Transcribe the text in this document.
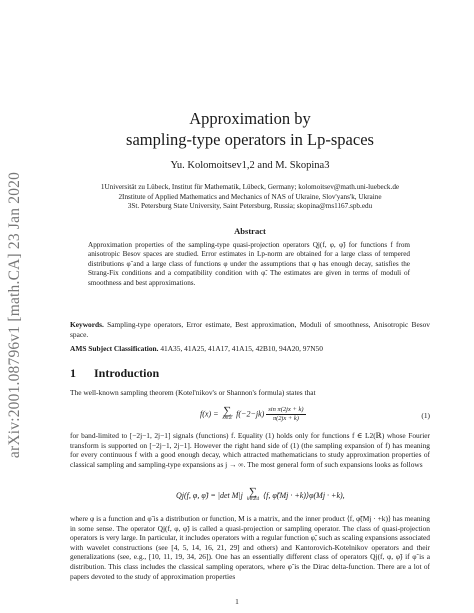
arXiv:2001.08796v1 [math.CA] 23 Jan 2020
Approximation by
sampling-type operators in Lp-spaces
Yu. Kolomoitsev1,2 and M. Skopina3
1Universität zu Lübeck, Institut für Mathematik, Lübeck, Germany; kolomoitsev@math.uni-luebeck.de
2Institute of Applied Mathematics and Mechanics of NAS of Ukraine, Slov'yans'k, Ukraine
3St. Petersburg State University, Saint Petersburg, Russia; skopina@ms1167.spb.edu
Abstract
Approximation properties of the sampling-type quasi-projection operators Qj(f, φ, φ̃) for functions f from anisotropic Besov spaces are studied. Error estimates in Lp-norm are obtained for a large class of tempered distributions φ̃ and a large class of functions φ under the assumptions that φ has enough decay, satisfies the Strang-Fix conditions and a compatibility condition with φ̃. The estimates are given in terms of moduli of smoothness and best approximations.
Keywords. Sampling-type operators, Error estimate, Best approximation, Moduli of smoothness, Anisotropic Besov space.
AMS Subject Classification. 41A35, 41A25, 41A17, 41A15, 42B10, 94A20, 97N50
1 Introduction
The well-known sampling theorem (Kotel'nikov's or Shannon's formula) states that
f(x) = ∑
k∈ℤ $f(-2-jk) \frac{\text{sin π(2jx + k)}}{\pi(2jx + k)}$	(1)
for band-limited to [−2j−1, 2j−1] signals (functions) f. Equality (1) holds only for functions f ∈ L2(ℝ) whose Fourier transform is supported on [−2j−1, 2j−1]. However the right hand side of (1) (the sampling expansion of f) has meaning for every continuous f with a good enough decay, which attracted mathematicians to study approximation properties of classical sampling and sampling-type expansions as j → ∞. The most general form of such expansions looks as follows
Qj(f, φ, φ̃) = |det M|j ∑
k∈ℤd ⟨f, φ̃(Mj · +k)⟩φ(Mj · +k),
where φ is a function and φ̃ is a distribution or function, M is a matrix, and the inner product ⟨f, φ̃(Mj · +k)⟩ has meaning in some sense. The operator Qj(f, φ, φ̃) is called a quasi-projection or sampling operator. The class of quasi-projection operators is very large. In particular, it includes operators with a regular function φ̃, such as scaling expansions associated with wavelet constructions (see [4, 5, 14, 16, 21, 29] and others) and Kantorovich-Kotelnikov operators and their generalizations (see, e.g., [10, 11, 19, 34, 26]). One has an essentially different class of operators Qj(f, φ, φ̃) if φ̃ is a distribution. This class includes the classical sampling operators, where φ̃ is the Dirac delta-function. There are a lot of papers devoted to the study of approximation properties
1
